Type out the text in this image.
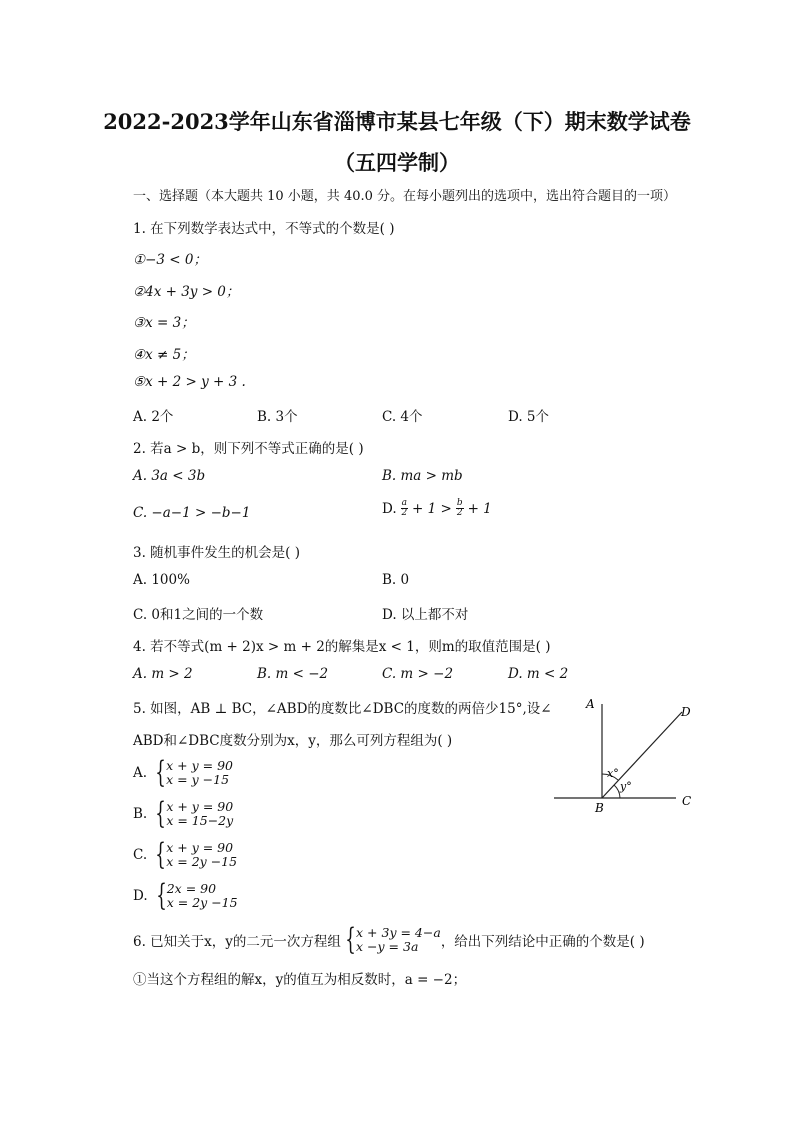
2022-2023学年山东省淄博市某县七年级（下）期末数学试卷
（五四学制）
一、选择题（本大题共 10 小题，共 40.0 分。在每小题列出的选项中，选出符合题目的一项）
1. 在下列数学表达式中，不等式的个数是( )
①−3 < 0；
②4x + 3y > 0；
③x = 3；
④x ≠ 5；
⑤x + 2 > y + 3 .
A. 2个	B. 3个	C. 4个	D. 5个
2. 若a > b，则下列不等式正确的是( )
A. 3a < 3b	B. ma > mb
C. −a−1 > −b−1	D. $\frac{a}{2} + 1 > \frac{b}{2} + 1$
3. 随机事件发生的机会是( )
A. 100%	B. 0
C. 0和1之间的一个数	D. 以上都不对
4. 若不等式(m + 2)x > m + 2的解集是x < 1，则m的取值范围是( )
A. m > 2	B. m < −2	C. m > −2	D. m < 2
5. 如图，AB ⊥ BC，∠ABD的度数比∠DBC的度数的两倍少15°,设∠
ABD和∠DBC度数分别为x，y，那么可列方程组为( )
A. { x + y = 90
x = y −15
B. { x + y = 90
x = 15−2y
C. { x + y = 90
x = 2y −15
D. { 2x = 90
x = 2y −15
A
D
B	C
x°
y°
6. 已知关于x，y的二元一次方程组 { x + 3y = 4−a
x −y = 3a	，给出下列结论中正确的个数是( )
①当这个方程组的解x，y的值互为相反数时，a = −2；
